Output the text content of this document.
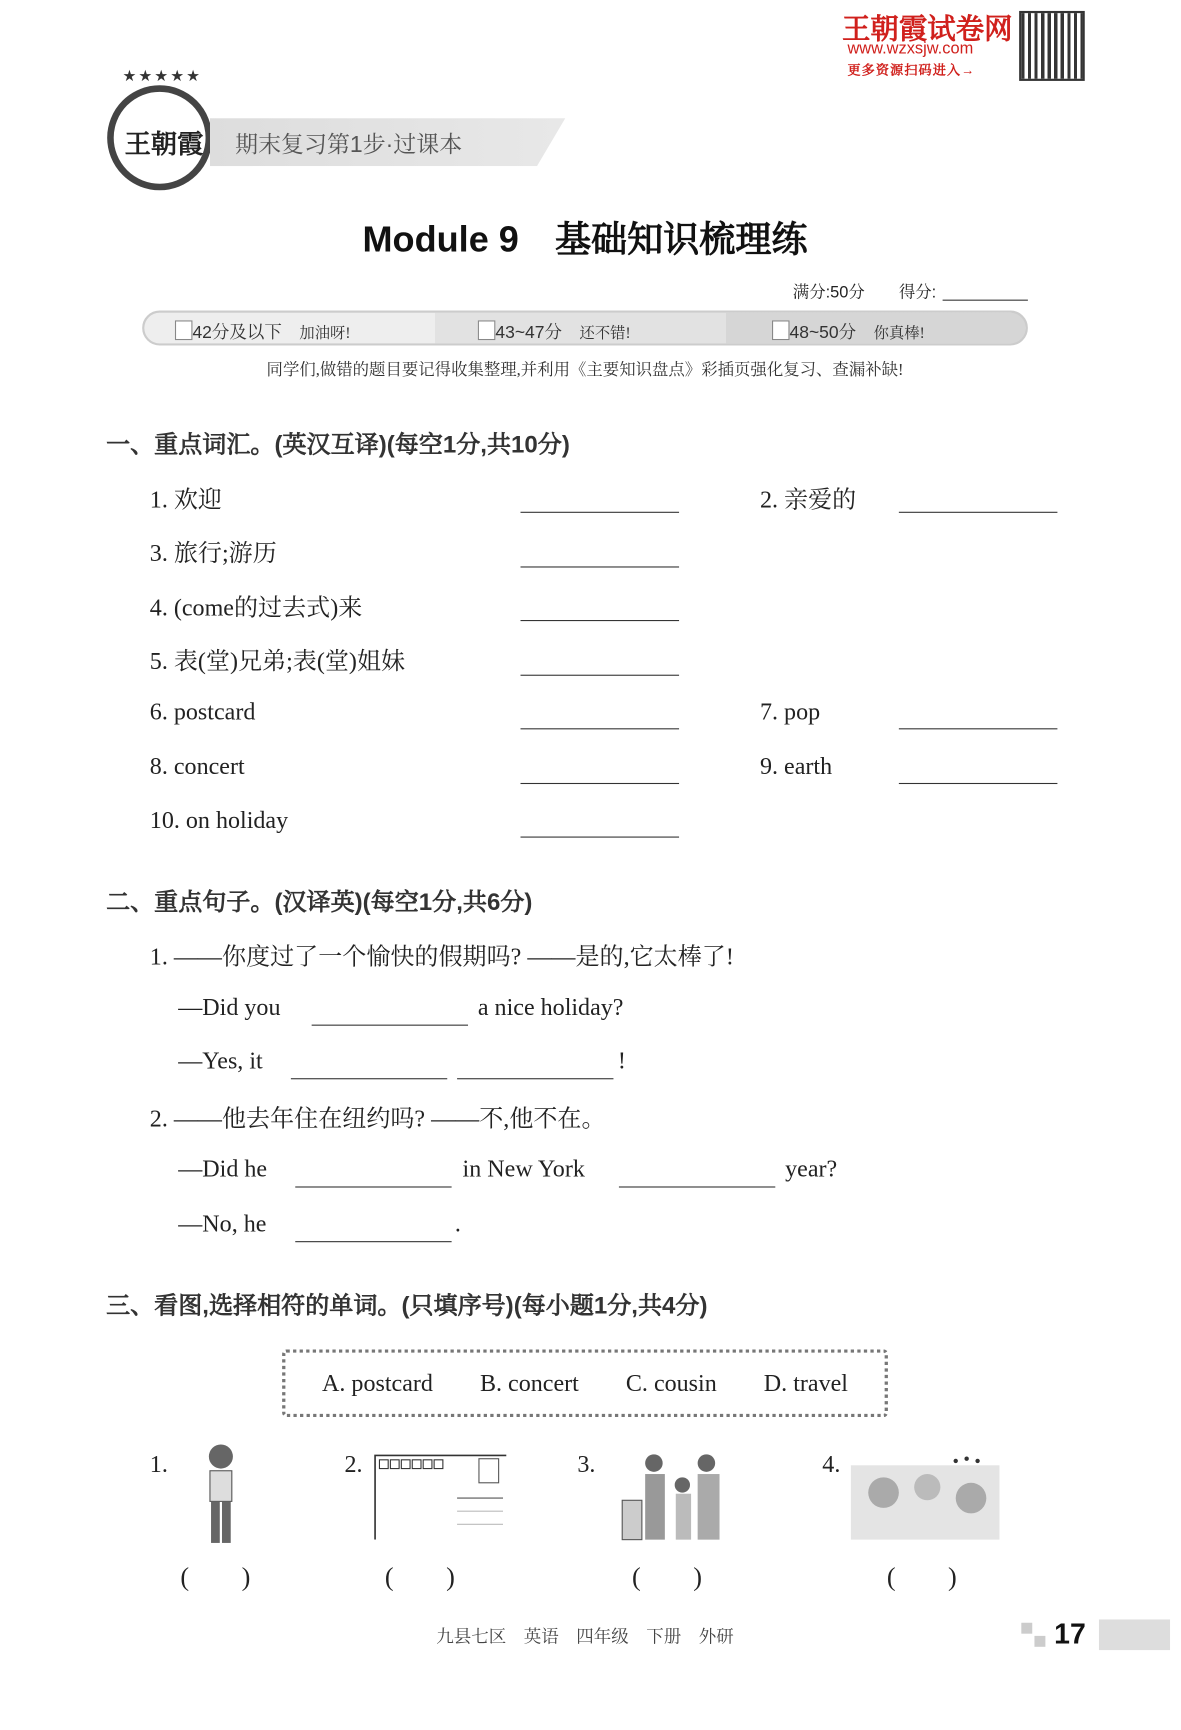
王朝霞试卷网
www.wzxsjw.com
更多资源扫码进入→
王朝霞
★★★★★
期末复习第1步·过课本
Module 9　基础知识梳理练
满分:50分 得分:
42分及以下　 加油呀!	43~47分　 还不错!	48~50分　 你真棒!
同学们,做错的题目要记得收集整理,并利用《主要知识盘点》彩插页强化复习、查漏补缺!
一、重点词汇。(英汉互译)(每空1分,共10分)
1. 欢迎
3. 旅行;游历
4. (come的过去式)来
5. 表(堂)兄弟;表(堂)姐妹
6. postcard
8. concert
10. on holiday
2. 亲爱的
7. pop
9. earth
二、重点句子。(汉译英)(每空1分,共6分)
1. ——你度过了一个愉快的假期吗? ——是的,它太棒了!
—Did you	a nice holiday?
—Yes, it	!
2. ——他去年住在纽约吗? ——不,他不在。
—Did he	in New York	year?
—No, he	.
三、看图,选择相符的单词。(只填序号)(每小题1分,共4分)
A. postcard B. concert C. cousin D. travel
1.	2.	3.	4.
(　　)	(　　)	(　　)	(　　)
九县七区　英语　四年级　下册　外研	17
